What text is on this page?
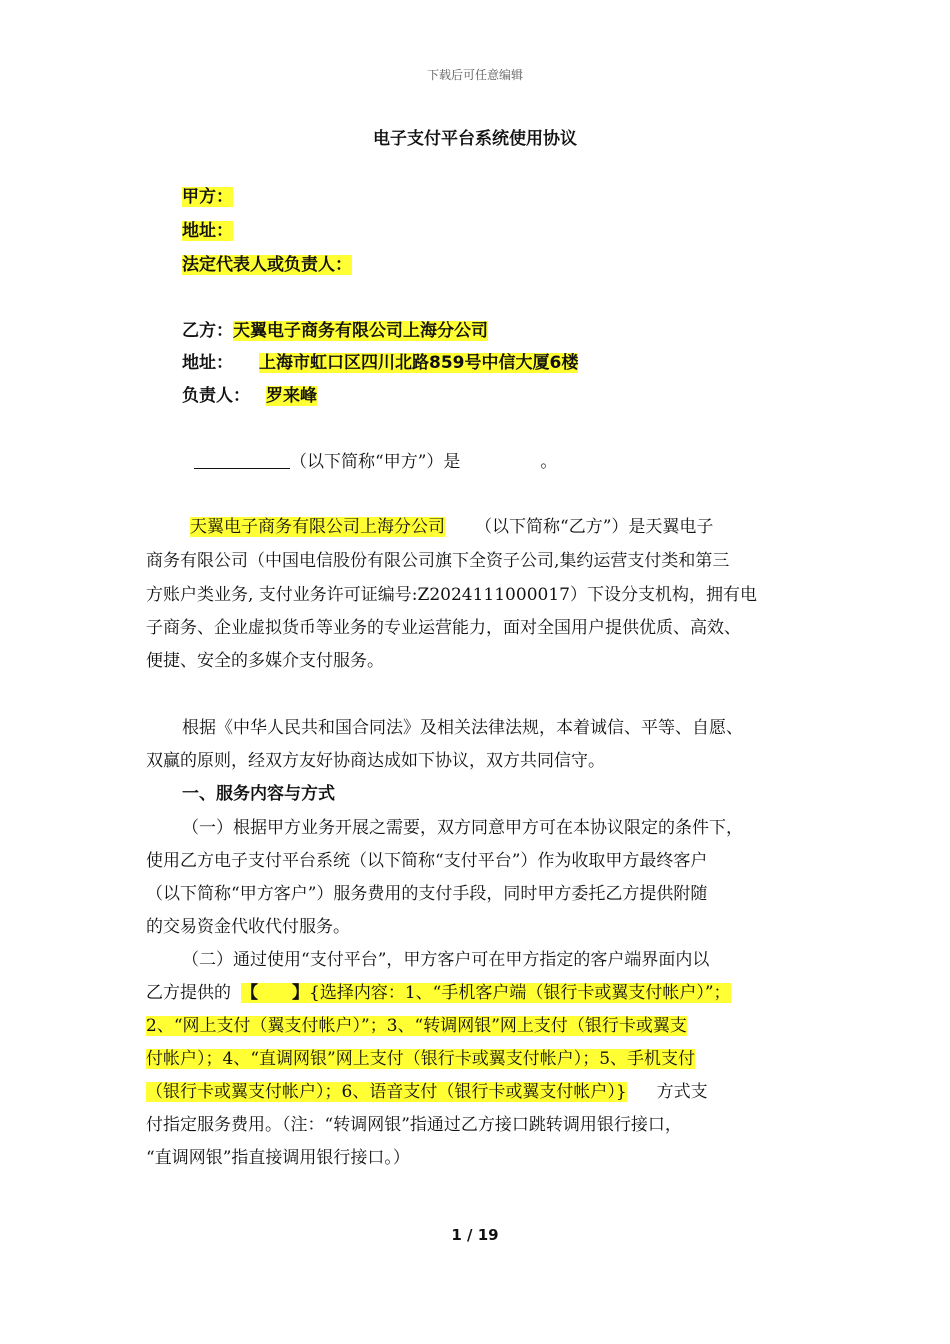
下载后可任意编辑
电子支付平台系统使用协议
甲方：
地址：
法定代表人或负责人：
乙方：天翼电子商务有限公司上海分公司
地址： 上海市虹口区四川北路859号中信大厦6楼
负责人： 罗来峰
（以下简称“甲方”）是	。
天翼电子商务有限公司上海分公司 （以下简称“乙方”）是天翼电子
商务有限公司（中国电信股份有限公司旗下全资子公司,集约运营支付类和第三
方账户类业务, 支付业务许可证编号:Z2024111000017）下设分支机构，拥有电
子商务、企业虚拟货币等业务的专业运营能力，面对全国用户提供优质、高效、
便捷、安全的多媒介支付服务。
根据《中华人民共和国合同法》及相关法律法规，本着诚信、平等、自愿、
双赢的原则，经双方友好协商达成如下协议，双方共同信守。
一、服务内容与方式
（一）根据甲方业务开展之需要，双方同意甲方可在本协议限定的条件下，
使用乙方电子支付平台系统（以下简称“支付平台”）作为收取甲方最终客户
（以下简称“甲方客户”）服务费用的支付手段，同时甲方委托乙方提供附随
的交易资金代收代付服务。
（二）通过使用“支付平台”，甲方客户可在甲方指定的客户端界面内以
乙方提供的 【　　】{选择内容：1、“手机客户端（银行卡或翼支付帐户）”；
2、“网上支付（翼支付帐户）”；3、“转调网银”网上支付（银行卡或翼支
付帐户）；4、“直调网银”网上支付（银行卡或翼支付帐户）；5、手机支付
（银行卡或翼支付帐户）；6、语音支付（银行卡或翼支付帐户）} 方式支
付指定服务费用。（注：“转调网银”指通过乙方接口跳转调用银行接口，
“直调网银”指直接调用银行接口。）
1 / 19
